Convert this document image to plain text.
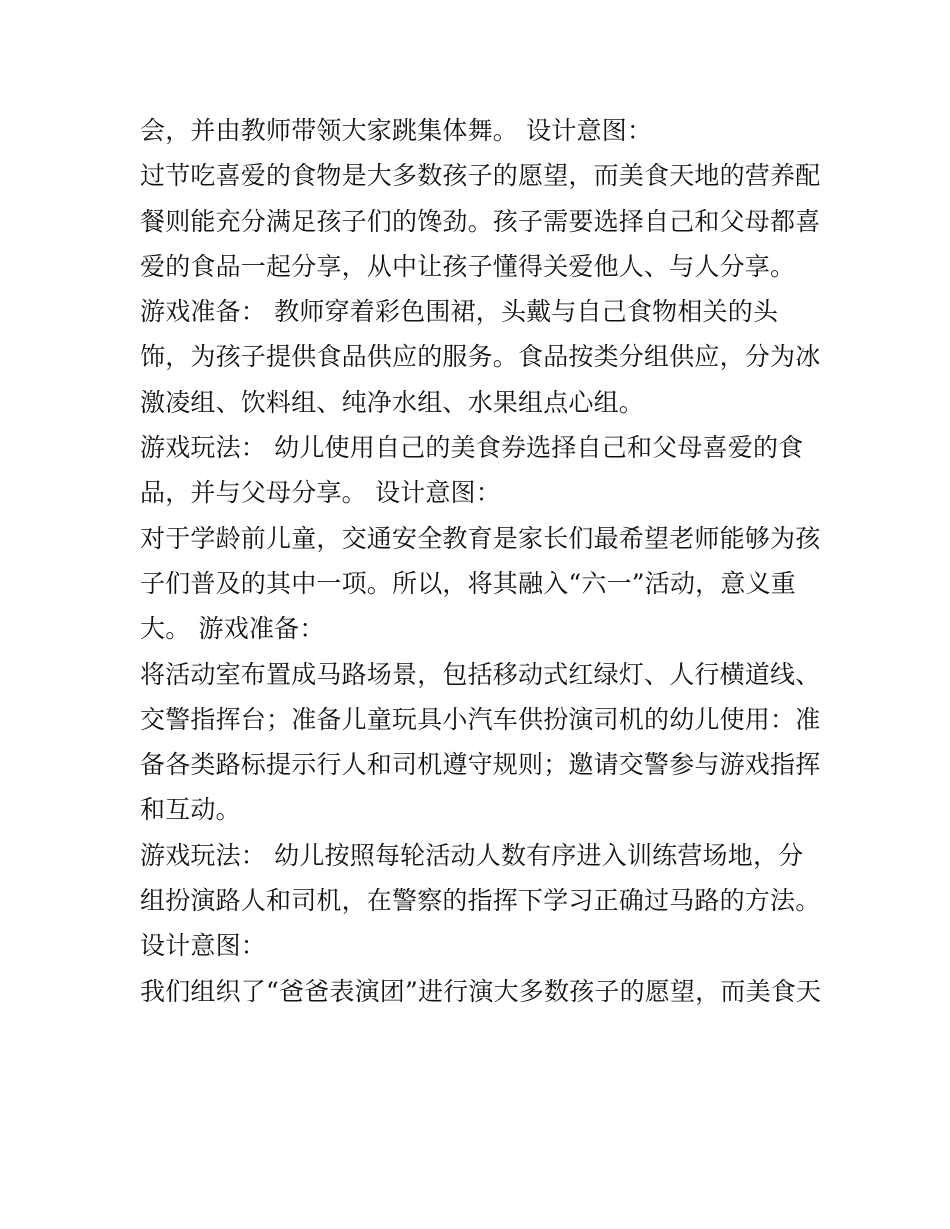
会，并由教师带领大家跳集体舞。 设计意图：
过节吃喜爱的食物是大多数孩子的愿望，而美食天地的营养配
餐则能充分满足孩子们的馋劲。孩子需要选择自己和父母都喜
爱的食品一起分享，从中让孩子懂得关爱他人、与人分享。
游戏准备： 教师穿着彩色围裙，头戴与自己食物相关的头
饰，为孩子提供食品供应的服务。食品按类分组供应，分为冰
激凌组、饮料组、纯净水组、水果组点心组。
游戏玩法： 幼儿使用自己的美食券选择自己和父母喜爱的食
品，并与父母分享。 设计意图：
对于学龄前儿童，交通安全教育是家长们最希望老师能够为孩
子们普及的其中一项。所以，将其融入“六一”活动，意义重
大。 游戏准备：
将活动室布置成马路场景，包括移动式红绿灯、人行横道线、
交警指挥台；准备儿童玩具小汽车供扮演司机的幼儿使用：准
备各类路标提示行人和司机遵守规则；邀请交警参与游戏指挥
和互动。
游戏玩法： 幼儿按照每轮活动人数有序进入训练营场地，分
组扮演路人和司机，在警察的指挥下学习正确过马路的方法。
设计意图：
我们组织了“爸爸表演团”进行演大多数孩子的愿望，而美食天
